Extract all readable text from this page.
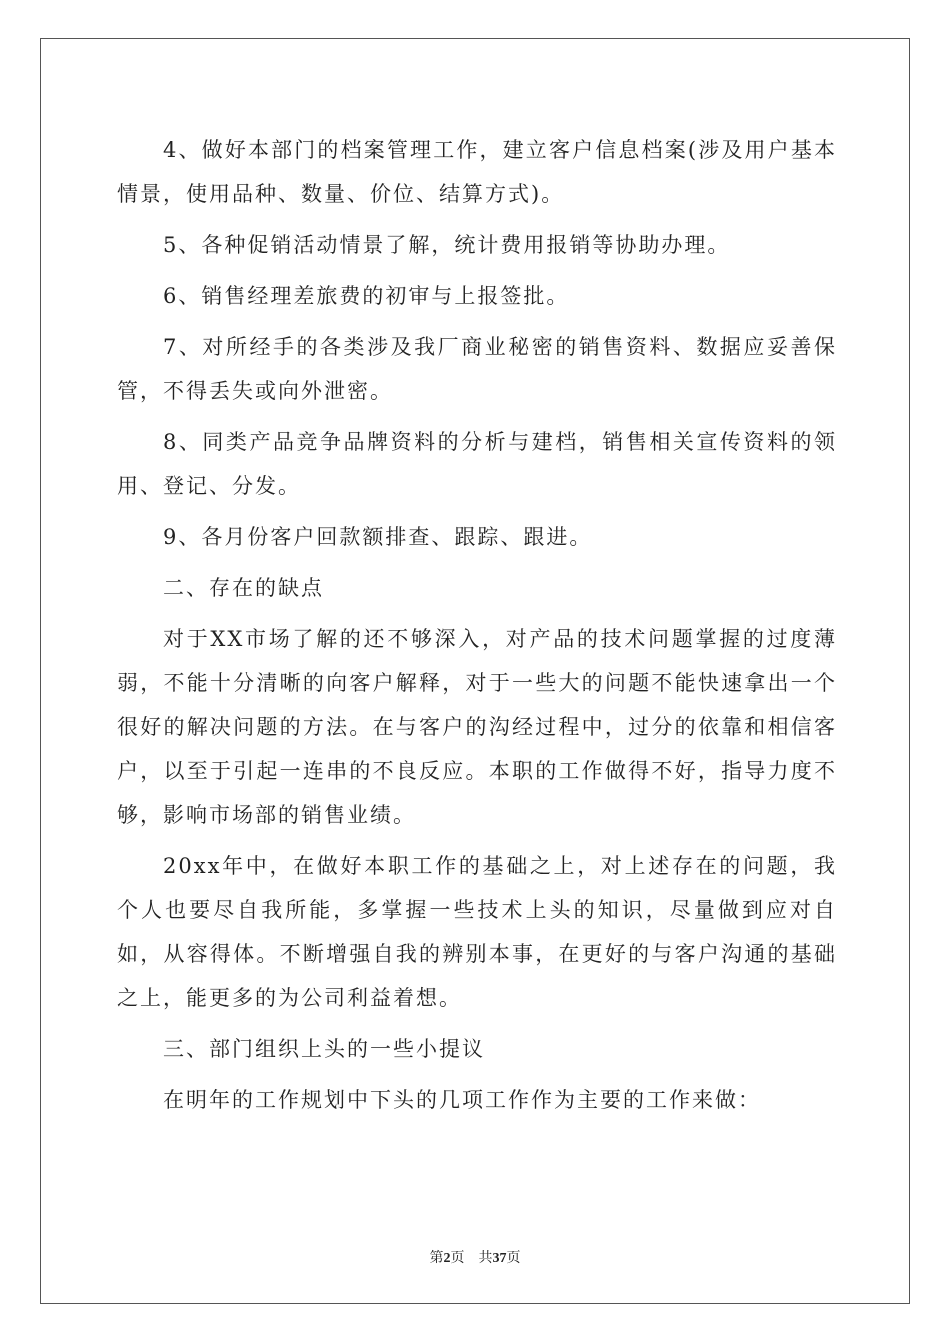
4、做好本部门的档案管理工作，建立客户信息档案(涉及用户基本情景，使用品种、数量、价位、结算方式)。

5、各种促销活动情景了解，统计费用报销等协助办理。

6、销售经理差旅费的初审与上报签批。

7、对所经手的各类涉及我厂商业秘密的销售资料、数据应妥善保管，不得丢失或向外泄密。

8、同类产品竞争品牌资料的分析与建档，销售相关宣传资料的领用、登记、分发。

9、各月份客户回款额排查、跟踪、跟进。

二、存在的缺点

对于XX市场了解的还不够深入，对产品的技术问题掌握的过度薄弱，不能十分清晰的向客户解释，对于一些大的问题不能快速拿出一个很好的解决问题的方法。在与客户的沟经过程中，过分的依靠和相信客户，以至于引起一连串的不良反应。本职的工作做得不好，指导力度不够，影响市场部的销售业绩。

20xx年中，在做好本职工作的基础之上，对上述存在的问题，我个人也要尽自我所能，多掌握一些技术上头的知识，尽量做到应对自如，从容得体。不断增强自我的辨别本事，在更好的与客户沟通的基础之上，能更多的为公司利益着想。

三、部门组织上头的一些小提议

在明年的工作规划中下头的几项工作作为主要的工作来做：

第2页 共37页
